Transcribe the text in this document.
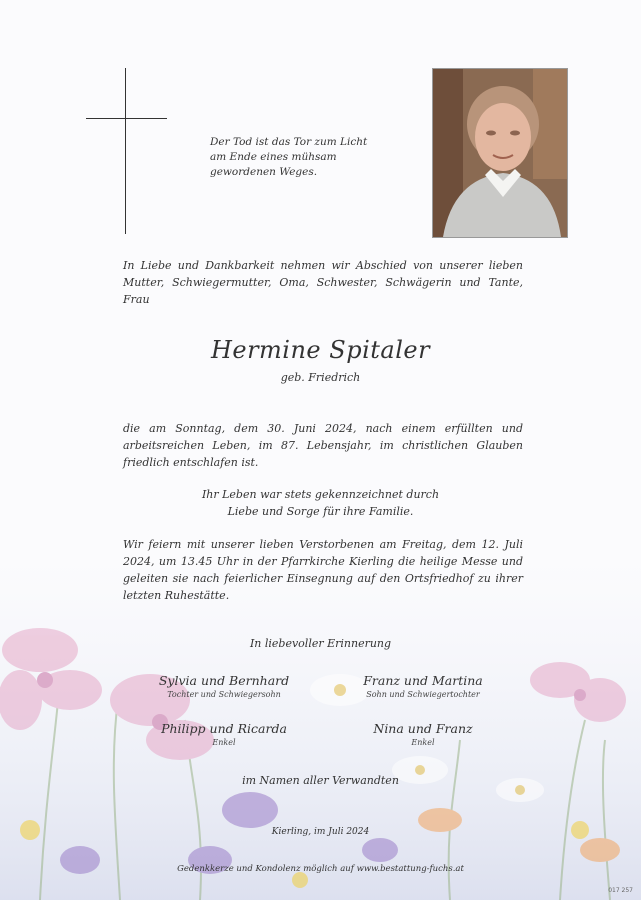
Der Tod ist das Tor zum Licht
am Ende eines mühsam
gewordenen Weges.
In Liebe und Dankbarkeit nehmen wir Abschied von unserer lieben Mutter, Schwiegermutter, Oma, Schwester, Schwägerin und Tante, Frau
Hermine Spitaler
geb. Friedrich
die am Sonntag, dem 30. Juni 2024, nach einem erfüllten und arbeitsreichen Leben, im 87. Lebensjahr, im christlichen Glauben friedlich entschlafen ist.
Ihr Leben war stets gekennzeichnet durch
Liebe und Sorge für ihre Familie.
Wir feiern mit unserer lieben Verstorbenen am Freitag, dem 12. Juli 2024, um 13.45 Uhr in der Pfarrkirche Kierling die heilige Messe und geleiten sie nach feierlicher Einsegnung auf den Ortsfriedhof zu ihrer letzten Ruhestätte.
In liebevoller Erinnerung
Sylvia und Bernhard
Tochter und Schwiegersohn
Franz und Martina
Sohn und Schwiegertochter
Philipp und Ricarda
Enkel
Nina und Franz
Enkel
im Namen aller Verwandten
Kierling, im Juli 2024
Gedenkkerze und Kondolenz möglich auf www.bestattung-fuchs.at
017 257
